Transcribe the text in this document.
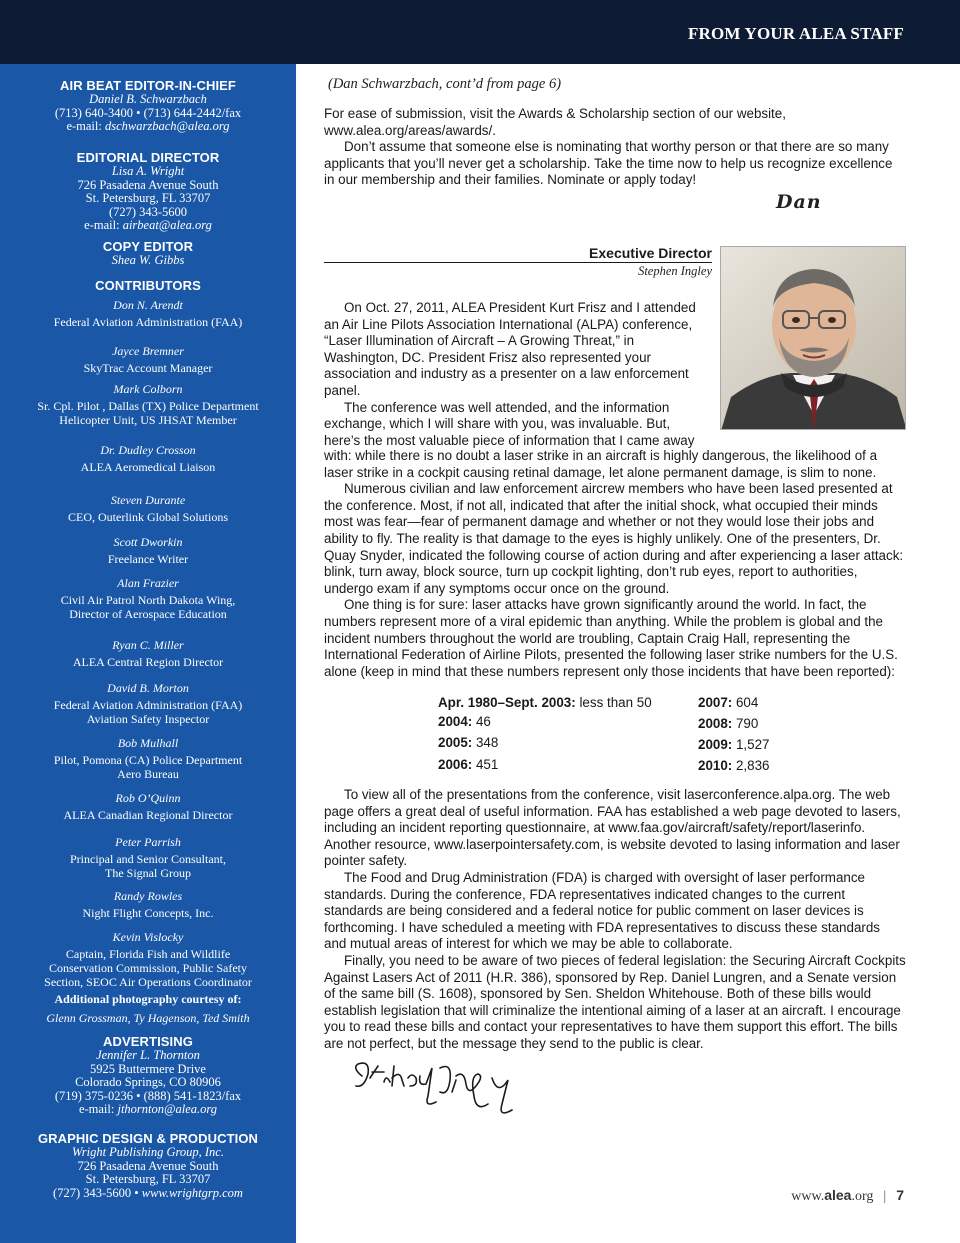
FROM YOUR ALEA STAFF
AIR BEAT EDITOR-IN-CHIEF
Daniel B. Schwarzbach
(713) 640-3400 • (713) 644-2442/fax
e-mail: dschwarzbach@alea.org
EDITORIAL DIRECTOR
Lisa A. Wright
726 Pasadena Avenue South
St. Petersburg, FL 33707
(727) 343-5600
e-mail: airbeat@alea.org
COPY EDITOR
Shea W. Gibbs
CONTRIBUTORS
Don N. Arendt
Federal Aviation Administration (FAA)
Jayce Bremner
SkyTrac Account Manager
Mark Colborn
Sr. Cpl. Pilot , Dallas (TX) Police Department
Helicopter Unit, US JHSAT Member
Dr. Dudley Crosson
ALEA Aeromedical Liaison
Steven Durante
CEO, Outerlink Global Solutions
Scott Dworkin
Freelance Writer
Alan Frazier
Civil Air Patrol North Dakota Wing,
Director of Aerospace Education
Ryan C. Miller
ALEA Central Region Director
David B. Morton
Federal Aviation Administration (FAA)
Aviation Safety Inspector
Bob Mulhall
Pilot, Pomona (CA) Police Department
Aero Bureau
Rob O’Quinn
ALEA Canadian Regional Director
Peter Parrish
Principal and Senior Consultant,
The Signal Group
Randy Rowles
Night Flight Concepts, Inc.
Kevin Vislocky
Captain, Florida Fish and Wildlife
Conservation Commission, Public Safety
Section, SEOC Air Operations Coordinator
Additional photography courtesy of:
Glenn Grossman, Ty Hagenson, Ted Smith
ADVERTISING
Jennifer L. Thornton
5925 Buttermere Drive
Colorado Springs, CO 80906
(719) 375-0236 • (888) 541-1823/fax
e-mail: jthornton@alea.org
GRAPHIC DESIGN & PRODUCTION
Wright Publishing Group, Inc.
726 Pasadena Avenue South
St. Petersburg, FL 33707
(727) 343-5600 • www.wrightgrp.com
(Dan Schwarzbach, cont’d from page 6)

For ease of submission, visit the Awards & Scholarship section of our website, www.alea.org/areas/awards/.

Don’t assume that someone else is nominating that worthy person or that there are so many applicants that you’ll never get a scholarship. Take the time now to help us recognize excellence in our membership and their families. Nominate or apply today!

Dan
Executive Director
Stephen Ingley

On Oct. 27, 2011, ALEA President Kurt Frisz and I attended an Air Line Pilots Association International (ALPA) conference, “Laser Illumination of Aircraft – A Growing Threat,” in Washington, DC. President Frisz also represented your association and industry as a presenter on a law enforcement panel.

The conference was well attended, and the information exchange, which I will share with you, was invaluable. But, here’s the most valuable piece of information that I came away

with: while there is no doubt a laser strike in an aircraft is highly dangerous, the likelihood of a laser strike in a cockpit causing retinal damage, let alone permanent damage, is slim to none.

Numerous civilian and law enforcement aircrew members who have been lased presented at the conference. Most, if not all, indicated that after the initial shock, what occupied their minds most was fear—fear of permanent damage and whether or not they would lose their jobs and ability to fly. The reality is that damage to the eyes is highly unlikely. One of the presenters, Dr. Quay Snyder, indicated the following course of action during and after experiencing a laser attack: blink, turn away, block source, turn up cockpit lighting, don’t rub eyes, report to authorities, undergo exam if any symptoms occur once on the ground.

One thing is for sure: laser attacks have grown significantly around the world. In fact, the numbers represent more of a viral epidemic than anything. While the problem is global and the incident numbers throughout the world are troubling, Captain Craig Hall, representing the International Federation of Airline Pilots, presented the following laser strike numbers for the U.S. alone (keep in mind that these numbers represent only those incidents that have been reported):

Apr. 1980–Sept. 2003: less than 50
2004: 46
2005: 348
2006: 451
2007: 604
2008: 790
2009: 1,527
2010: 2,836

To view all of the presentations from the conference, visit laserconference.alpa.org. The web page offers a great deal of useful information. FAA has established a web page devoted to lasers, including an incident reporting questionnaire, at www.faa.gov/aircraft/safety/report/laserinfo. Another resource, www.laserpointersafety.com, is website devoted to lasing information and laser pointer safety.

The Food and Drug Administration (FDA) is charged with oversight of laser performance standards. During the conference, FDA representatives indicated changes to the current standards are being considered and a federal notice for public comment on laser devices is forthcoming. I have scheduled a meeting with FDA representatives to discuss these standards and mutual areas of interest for which we may be able to collaborate.

Finally, you need to be aware of two pieces of federal legislation: the Securing Aircraft Cockpits Against Lasers Act of 2011 (H.R. 386), sponsored by Rep. Daniel Lungren, and a Senate version of the same bill (S. 1608), sponsored by Sen. Sheldon Whitehouse. Both of these bills would establish legislation that will criminalize the intentional aiming of a laser at an aircraft. I encourage you to read these bills and contact your representatives to have them support this effort. The bills are not perfect, but the message they send to the public is clear.

www.alea.org | 7
